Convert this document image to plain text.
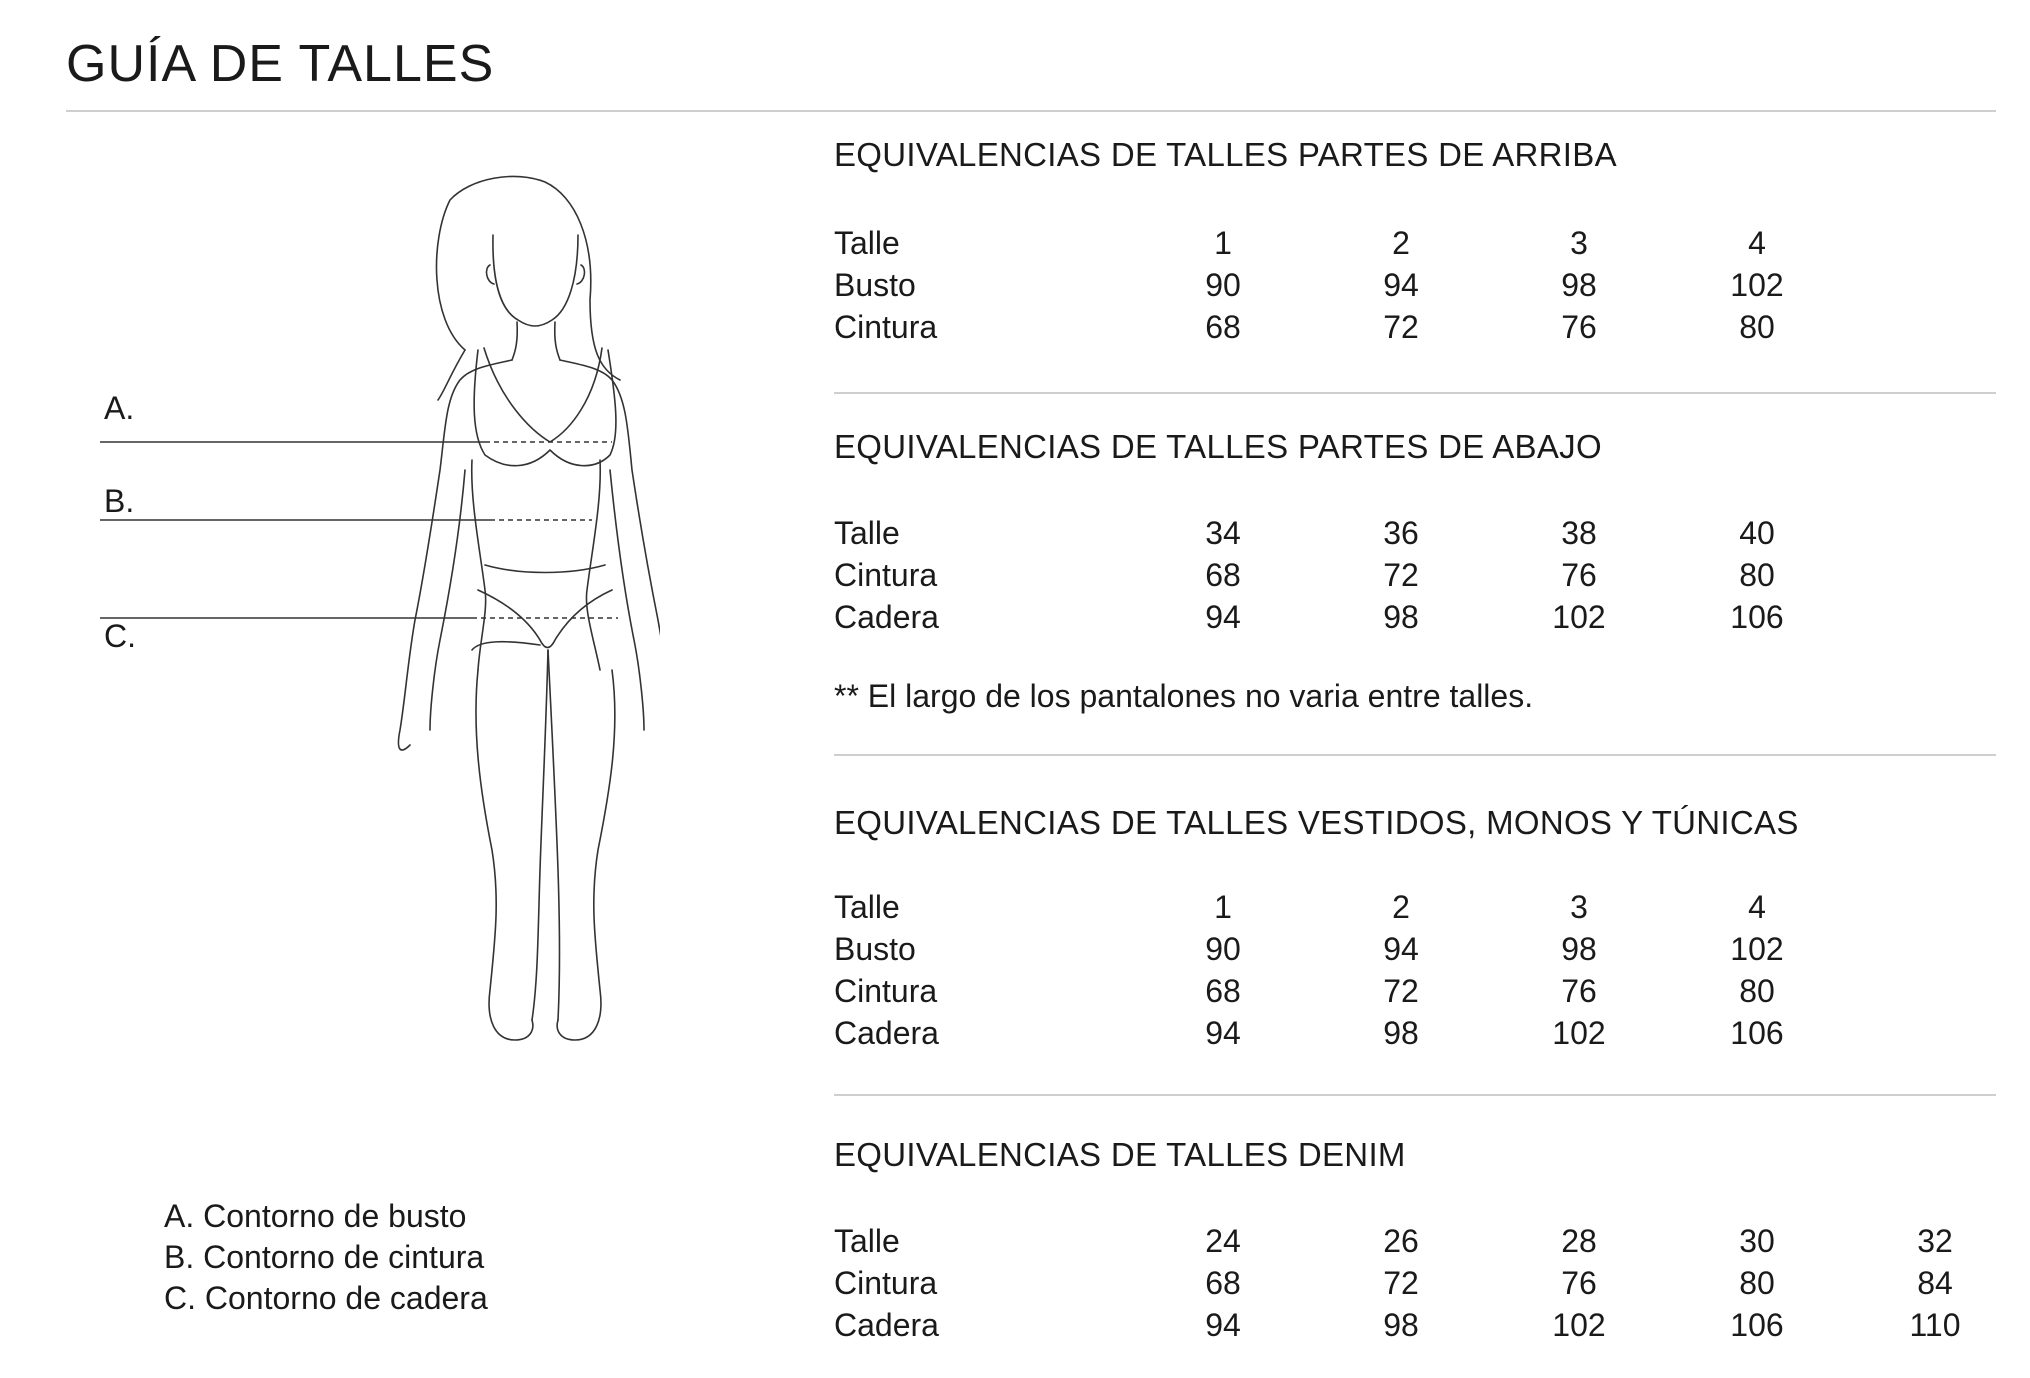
GUÍA DE TALLES
A.
B.
C.
A. Contorno de busto
B. Contorno de cintura
C. Contorno de cadera
EQUIVALENCIAS DE TALLES PARTES DE ARRIBA
Talle	1	2	3	4
Busto	90	94	98	102
Cintura	68	72	76	80
EQUIVALENCIAS DE TALLES PARTES DE ABAJO
Talle	34	36	38	40
Cintura	68	72	76	80
Cadera	94	98	102	106
** El largo de los pantalones no varia entre talles.
EQUIVALENCIAS DE TALLES VESTIDOS, MONOS Y TÚNICAS
Talle	1	2	3	4
Busto	90	94	98	102
Cintura	68	72	76	80
Cadera	94	98	102	106
EQUIVALENCIAS DE TALLES DENIM
Talle	24	26	28	30	32
Cintura	68	72	76	80	84
Cadera	94	98	102	106	110
